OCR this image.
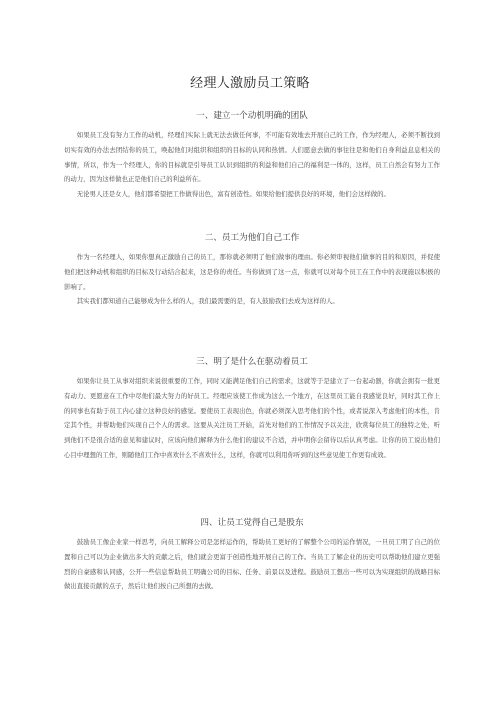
经理人激励员工策略
一、建立一个动机明确的团队

如果员工没有努力工作的动机，经理们实际上就无法去做任何事，不可能有效地去开展自己的工作，作为经理人，必须不断找到切实有效的办法去团结你的员工，唤起他们对组织和组织的目标的认同和热情。人们愿意去做的事往往是和他们自身利益息息相关的事情，所以，作为一个经理人，你的目标就是引导员工认识到组织的利益和他们自己的福利是一体的，这样，员工自然会有努力工作的动力，因为这样做也正是他们自己的利益所在。

无论男人还是女人，他们都希望把工作做得出色，富有创造性。如果给他们提供良好的环境，他们会这样做的。

二、员工为他们自己工作

作为一名经理人，如果你想真正激励自己的员工，那你就必须明了他们做事的理由。你必须审视他们做事的目的和原因，并促使他们把这种动机和组织的目标及行动结合起来，这是你的责任。当你做到了这一点，你就可以对每个员工在工作中的表现施以积极的影响了。

其实我们都知道自己能够成为什么样的人，我们最需要的是，有人鼓励我们去成为这样的人。

三、明了是什么在驱动着员工

如果你让员工从事对组织来说很重要的工作，同时又能满足他们自己的需求，这就等于是建立了一台起动器，你就会拥有一批更有动力、更愿意在工作中尽他们最大努力的好员工。经理应该使工作成为这么一个地方，在这里员工能自我感觉良好，同时其工作上的同事也有助于员工内心建立这种良好的感觉。要使员工表现出色，你就必须深入思考他们的个性，或者说深入考虑他们的本性，肯定其个性，并帮助他们实现自己个人的需求。这要从关注员工开始，首先对他们的工作情况予以关注，欣赏每位员工的独特之处，听到他们不是很合适的意见和建议时，应该向他们解释为什么他们的建议不合适，并申明你会留待以后认真考虑。让你的员工说出他们心目中理想的工作，则随他们工作中喜欢什么不喜欢什么，这样，你就可以利用你听到的这些意见使工作更有成效。

四、让员工觉得自己是股东

鼓励员工像企业家一样思考，向员工解释公司是怎样运作的，帮助员工更好的了解整个公司的运作情况，一旦员工明了自己的位置和自己可以为企业做出多大的贡献之后，他们就会更富于创造性地开展自己的工作。当员工了解企业的历史可以帮助他们建立更强烈的自豪感和认同感，公开一些信息帮助员工明确公司的目标、任务、前景以及进程。鼓励员工想出一些可以为实现组织的战略目标做出直接贡献的点子，然后让他们按自己所想的去做。
